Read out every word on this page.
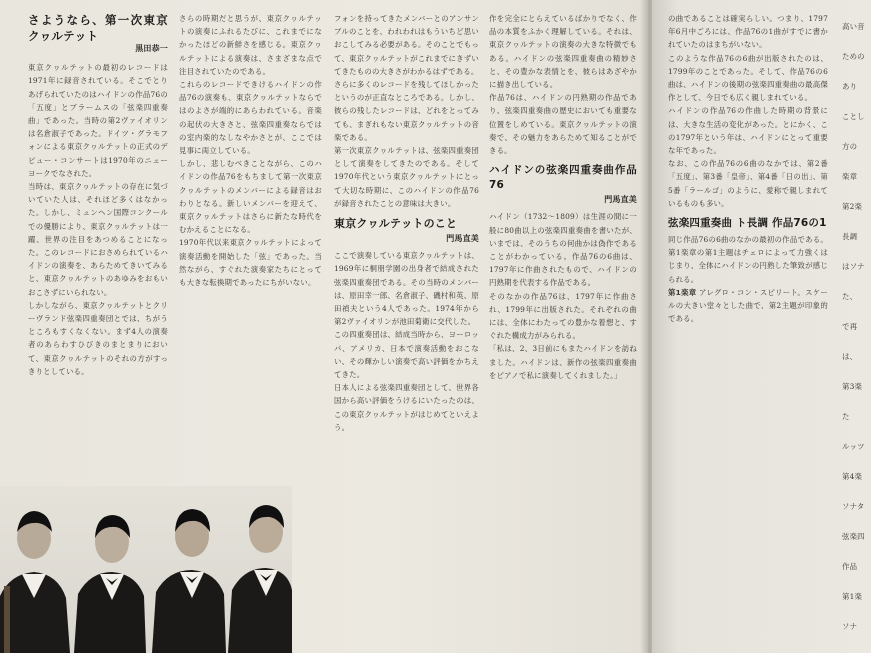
さようなら、第一次東京クヮルテット
黒田恭一

東京クヮルテットの最初のレコードは1971年に録音されている。そこでとりあげられていたのはハイドンの作品76の「五度」とブラームスの「弦楽四重奏曲」であった。当時の第2ヴァイオリンは名倉淑子であった。ドイツ・グラモフォンによる東京クヮルテットの正式のデビュー・コンサートは1970年のニューヨークでなされた。

当時は、東京クヮルテットの存在に気づいていた人は、それほど多くはなかった。しかし、ミュンヘン国際コンクールでの優勝により、東京クヮルテットは一躍、世界の注目をあつめることになった。このレコードにおさめられているハイドンの演奏を、あらためてきいてみると、東京クヮルテットのあゆみをおもいおこさずにいられない。

しかしながら、東京クヮルテットとクリーヴランド弦楽四重奏団とでは、ちがうところもすくなくない。まず4人の演奏者のあらわすひびきのまとまりにおいて、東京クヮルテットのそれの方がすっきりとしている。

さらの時期だと思うが、東京クヮルテットの演奏にふれるたびに、これまでになかったほどの新鮮さを感じる。東京クヮルテットによる演奏は、さまざまな点で注目されていたのである。

これらのレコードできけるハイドンの作品76の演奏も、東京クヮルテットならではのよさが端的にあらわれている。音楽の起伏の大きさと、弦楽四重奏ならではの室内楽的なしなやかさとが、ここでは見事に両立している。

しかし、悲しむべきことながら、このハイドンの作品76をもちまして第一次東京クヮルテットのメンバーによる録音はおわりとなる。新しいメンバーを迎えて、東京クヮルテットはさらに新たな時代をむかえることになる。

1970年代以来東京クヮルテットによって演奏活動を開始した「弦」であった。当然ながら、すぐれた演奏家たちにとっても大きな転換期であったにちがいない。

フォンを持ってきたメンバーとのアンサンブルのことを、われわれはもういちど思いおこしてみる必要がある。そのことでもって、東京クヮルテットがこれまでにきずいてきたものの大きさがわかるはずである。

さらに多くのレコードを残してほしかったというのが正直なところである。しかし、彼らの残したレコードは、どれをとってみても、まぎれもない東京クヮルテットの音楽である。

第一次東京クヮルテットは、弦楽四重奏団として演奏をしてきたのである。そして1970年代という東京クヮルテットにとって大切な時期に、このハイドンの作品76が録音されたことの意味は大きい。

東京クヮルテットのこと
門馬直美

ここで演奏している東京クヮルテットは、1969年に桐朋学園の出身者で結成された弦楽四重奏団である。その当時のメンバーは、原田幸一郎、名倉淑子、磯村和英、原田禎夫という4人であった。1974年から第2ヴァイオリンが池田菊衛に交代した。

この四重奏団は、結成当時から、ヨーロッパ、アメリカ、日本で演奏活動をおこない、その輝かしい演奏で高い評価をかちえてきた。

日本人による弦楽四重奏団として、世界各国から高い評価をうけるにいたったのは、この東京クヮルテットがはじめてといえよう。

作を完全にとらえているばかりでなく、作品の本質をふかく理解している。それは、東京クヮルテットの演奏の大きな特徴でもある。ハイドンの弦楽四重奏曲の精妙さと、その豊かな表情とを、彼らはあざやかに描き出している。

作品76は、ハイドンの円熟期の作品であり、弦楽四重奏曲の歴史においても重要な位置をしめている。東京クヮルテットの演奏で、その魅力をあらためて知ることができる。

ハイドンの弦楽四重奏曲作品76
門馬直美

ハイドン（1732〜1809）は生涯の間に一般に80曲以上の弦楽四重奏曲を書いたが、いまでは、そのうちの何曲かは偽作であることがわかっている。作品76の6曲は、1797年に作曲されたもので、ハイドンの円熟期を代表する作品である。

そのなかの作品76は、1797年に作曲され、1799年に出版された。それぞれの曲には、全体にわたっての豊かな着想と、すぐれた構成力がみられる。

「私は、2、3日前にもまたハイドンを訪ねました。ハイドンは、新作の弦楽四重奏曲をピアノで私に演奏してくれました。」

の曲であることは確実らしい。つまり、1797年6月中ごろには、作品76の1曲がすでに書かれていたのはまちがいない。

このような作品76の6曲が出版されたのは、1799年のことであった。そして、作品76の6曲は、ハイドンの後期の弦楽四重奏曲の最高傑作として、今日でも広く親しまれている。

ハイドンの作品76の作曲した時期の背景には、大きな生活の変化があった。とにかく、この1797年という年は、ハイドンにとって重要な年であった。

なお、この作品76の6曲のなかでは、第2番「五度」、第3番「皇帝」、第4番「日の出」、第5番「ラールゴ」のように、愛称で親しまれているものも多い。

弦楽四重奏曲 ト長調 作品76の1

同じ作品76の6曲のなかの最初の作品である。第1楽章の第1主題はチェロによって力強くはじまり、全体にハイドンの円熟した筆致が感じられる。

第1楽章 アレグロ・コン・スピリート。スケールの大きい堂々とした曲で、第2主題が印象的である。

高い音
ための
あり
ことし
方の
楽章
第2楽
長調
はソナ
た、
で再
は、
第3楽
た
ルッツ
第4楽
ソナタ
弦楽四
作品
第1楽
ソナ
